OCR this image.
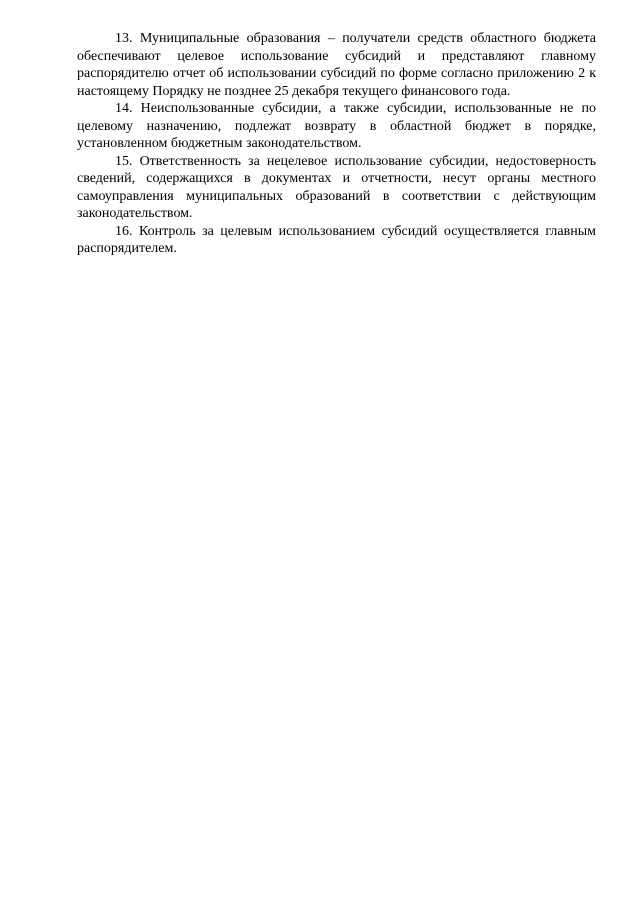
13. Муниципальные образования – получатели средств областного бюджета обеспечивают целевое использование субсидий и представляют главному распорядителю отчет об использовании субсидий по форме согласно приложению 2 к настоящему Порядку не позднее 25 декабря текущего финансового года.

14. Неиспользованные субсидии, а также субсидии, использованные не по целевому назначению, подлежат возврату в областной бюджет в порядке, установленном бюджетным законодательством.

15. Ответственность за нецелевое использование субсидии, недостоверность сведений, содержащихся в документах и отчетности, несут органы местного самоуправления муниципальных образований в соответствии с действующим законодательством.

16. Контроль за целевым использованием субсидий осуществляется главным распорядителем.
